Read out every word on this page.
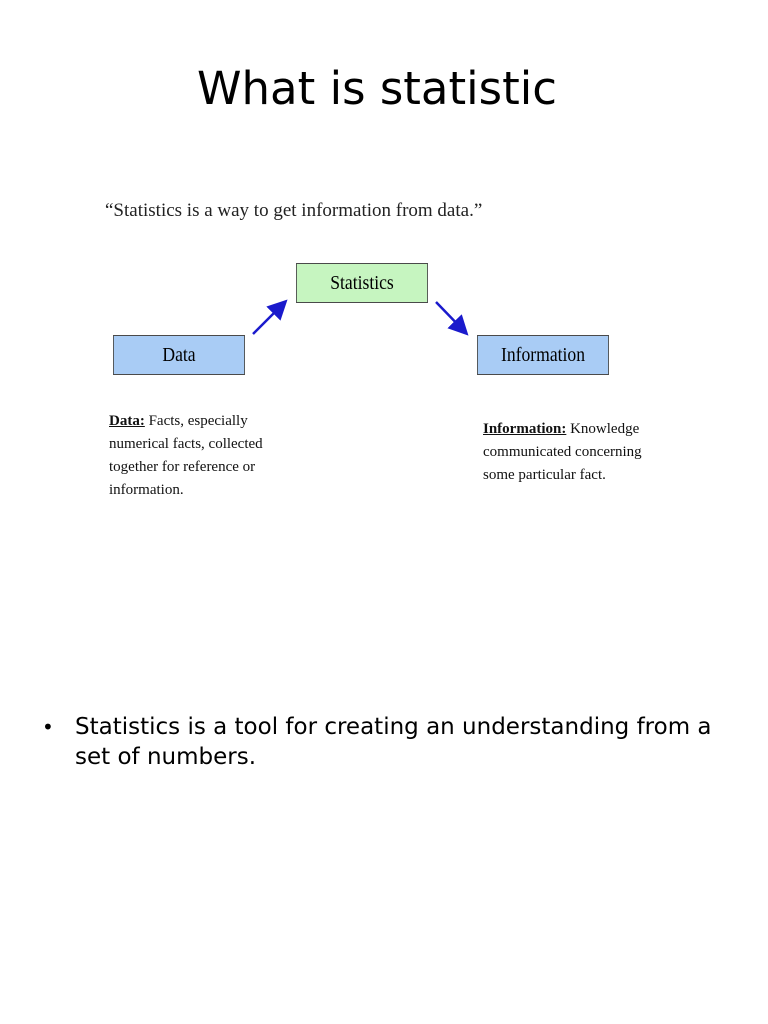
What is statistic
“Statistics is a way to get information from data.”
Statistics
Data	Information
Data: Facts, especially numerical facts, collected together for reference or information.
Information: Knowledge communicated concerning some particular fact.
• Statistics is a tool for creating an understanding from a set of numbers.
